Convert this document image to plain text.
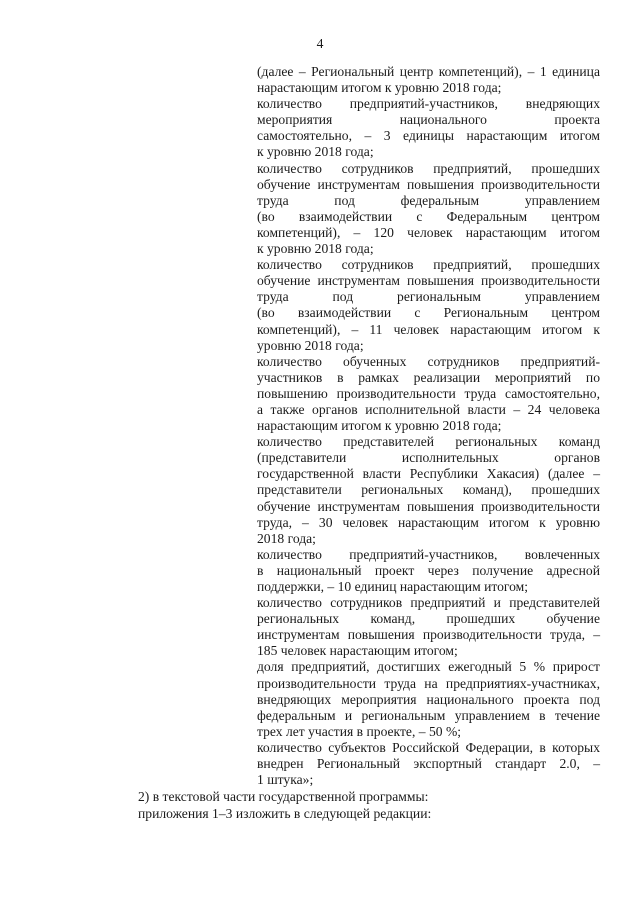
4
(далее – Региональный центр компетенций), – 1 единица
нарастающим итогом к уровню 2018 года;
количество предприятий-участников, внедряющих
мероприятия национального проекта
самостоятельно, – 3 единицы нарастающим итогом
к уровню 2018 года;
количество сотрудников предприятий, прошедших
обучение инструментам повышения производительности
труда под федеральным управлением
(во взаимодействии с Федеральным центром
компетенций), – 120 человек нарастающим итогом
к уровню 2018 года;
количество сотрудников предприятий, прошедших
обучение инструментам повышения производительности
труда под региональным управлением
(во взаимодействии с Региональным центром
компетенций), – 11 человек нарастающим итогом к
уровню 2018 года;
количество обученных сотрудников предприятий-
участников в рамках реализации мероприятий по
повышению производительности труда самостоятельно,
а также органов исполнительной власти – 24 человека
нарастающим итогом к уровню 2018 года;
количество представителей региональных команд
(представители исполнительных органов
государственной власти Республики Хакасия) (далее –
представители региональных команд), прошедших
обучение инструментам повышения производительности
труда, – 30 человек нарастающим итогом к уровню
2018 года;
количество предприятий-участников, вовлеченных
в национальный проект через получение адресной
поддержки, – 10 единиц нарастающим итогом;
количество сотрудников предприятий и представителей
региональных команд, прошедших обучение
инструментам повышения производительности труда, –
185 человек нарастающим итогом;
доля предприятий, достигших ежегодный 5 % прирост
производительности труда на предприятиях-участниках,
внедряющих мероприятия национального проекта под
федеральным и региональным управлением в течение
трех лет участия в проекте, – 50 %;
количество субъектов Российской Федерации, в которых
внедрен Региональный экспортный стандарт 2.0, –
1 штука»;
2) в текстовой части государственной программы:
приложения 1–3 изложить в следующей редакции:
